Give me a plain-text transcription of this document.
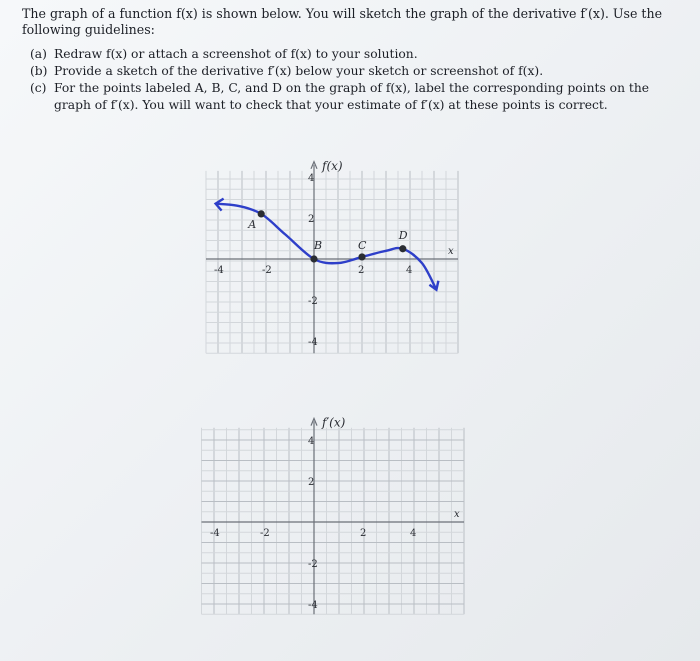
The graph of a function f(x) is shown below. You will sketch the graph of the derivative f′(x). Use the following guidelines:
(a) Redraw f(x) or attach a screenshot of f(x) to your solution.
(b) Provide a sketch of the derivative f′(x) below your sketch or screenshot of f(x).
(c) For the points labeled A, B, C, and D on the graph of f(x), label the corresponding points on the graph of f′(x). You will want to check that your estimate of f′(x) at these points is correct.
-4	-2	2	4
4
2
-2
-4
x
f(x)
A
B	C
D
-4	-2	2	4
4
2
-2
-4
x
f′(x)
